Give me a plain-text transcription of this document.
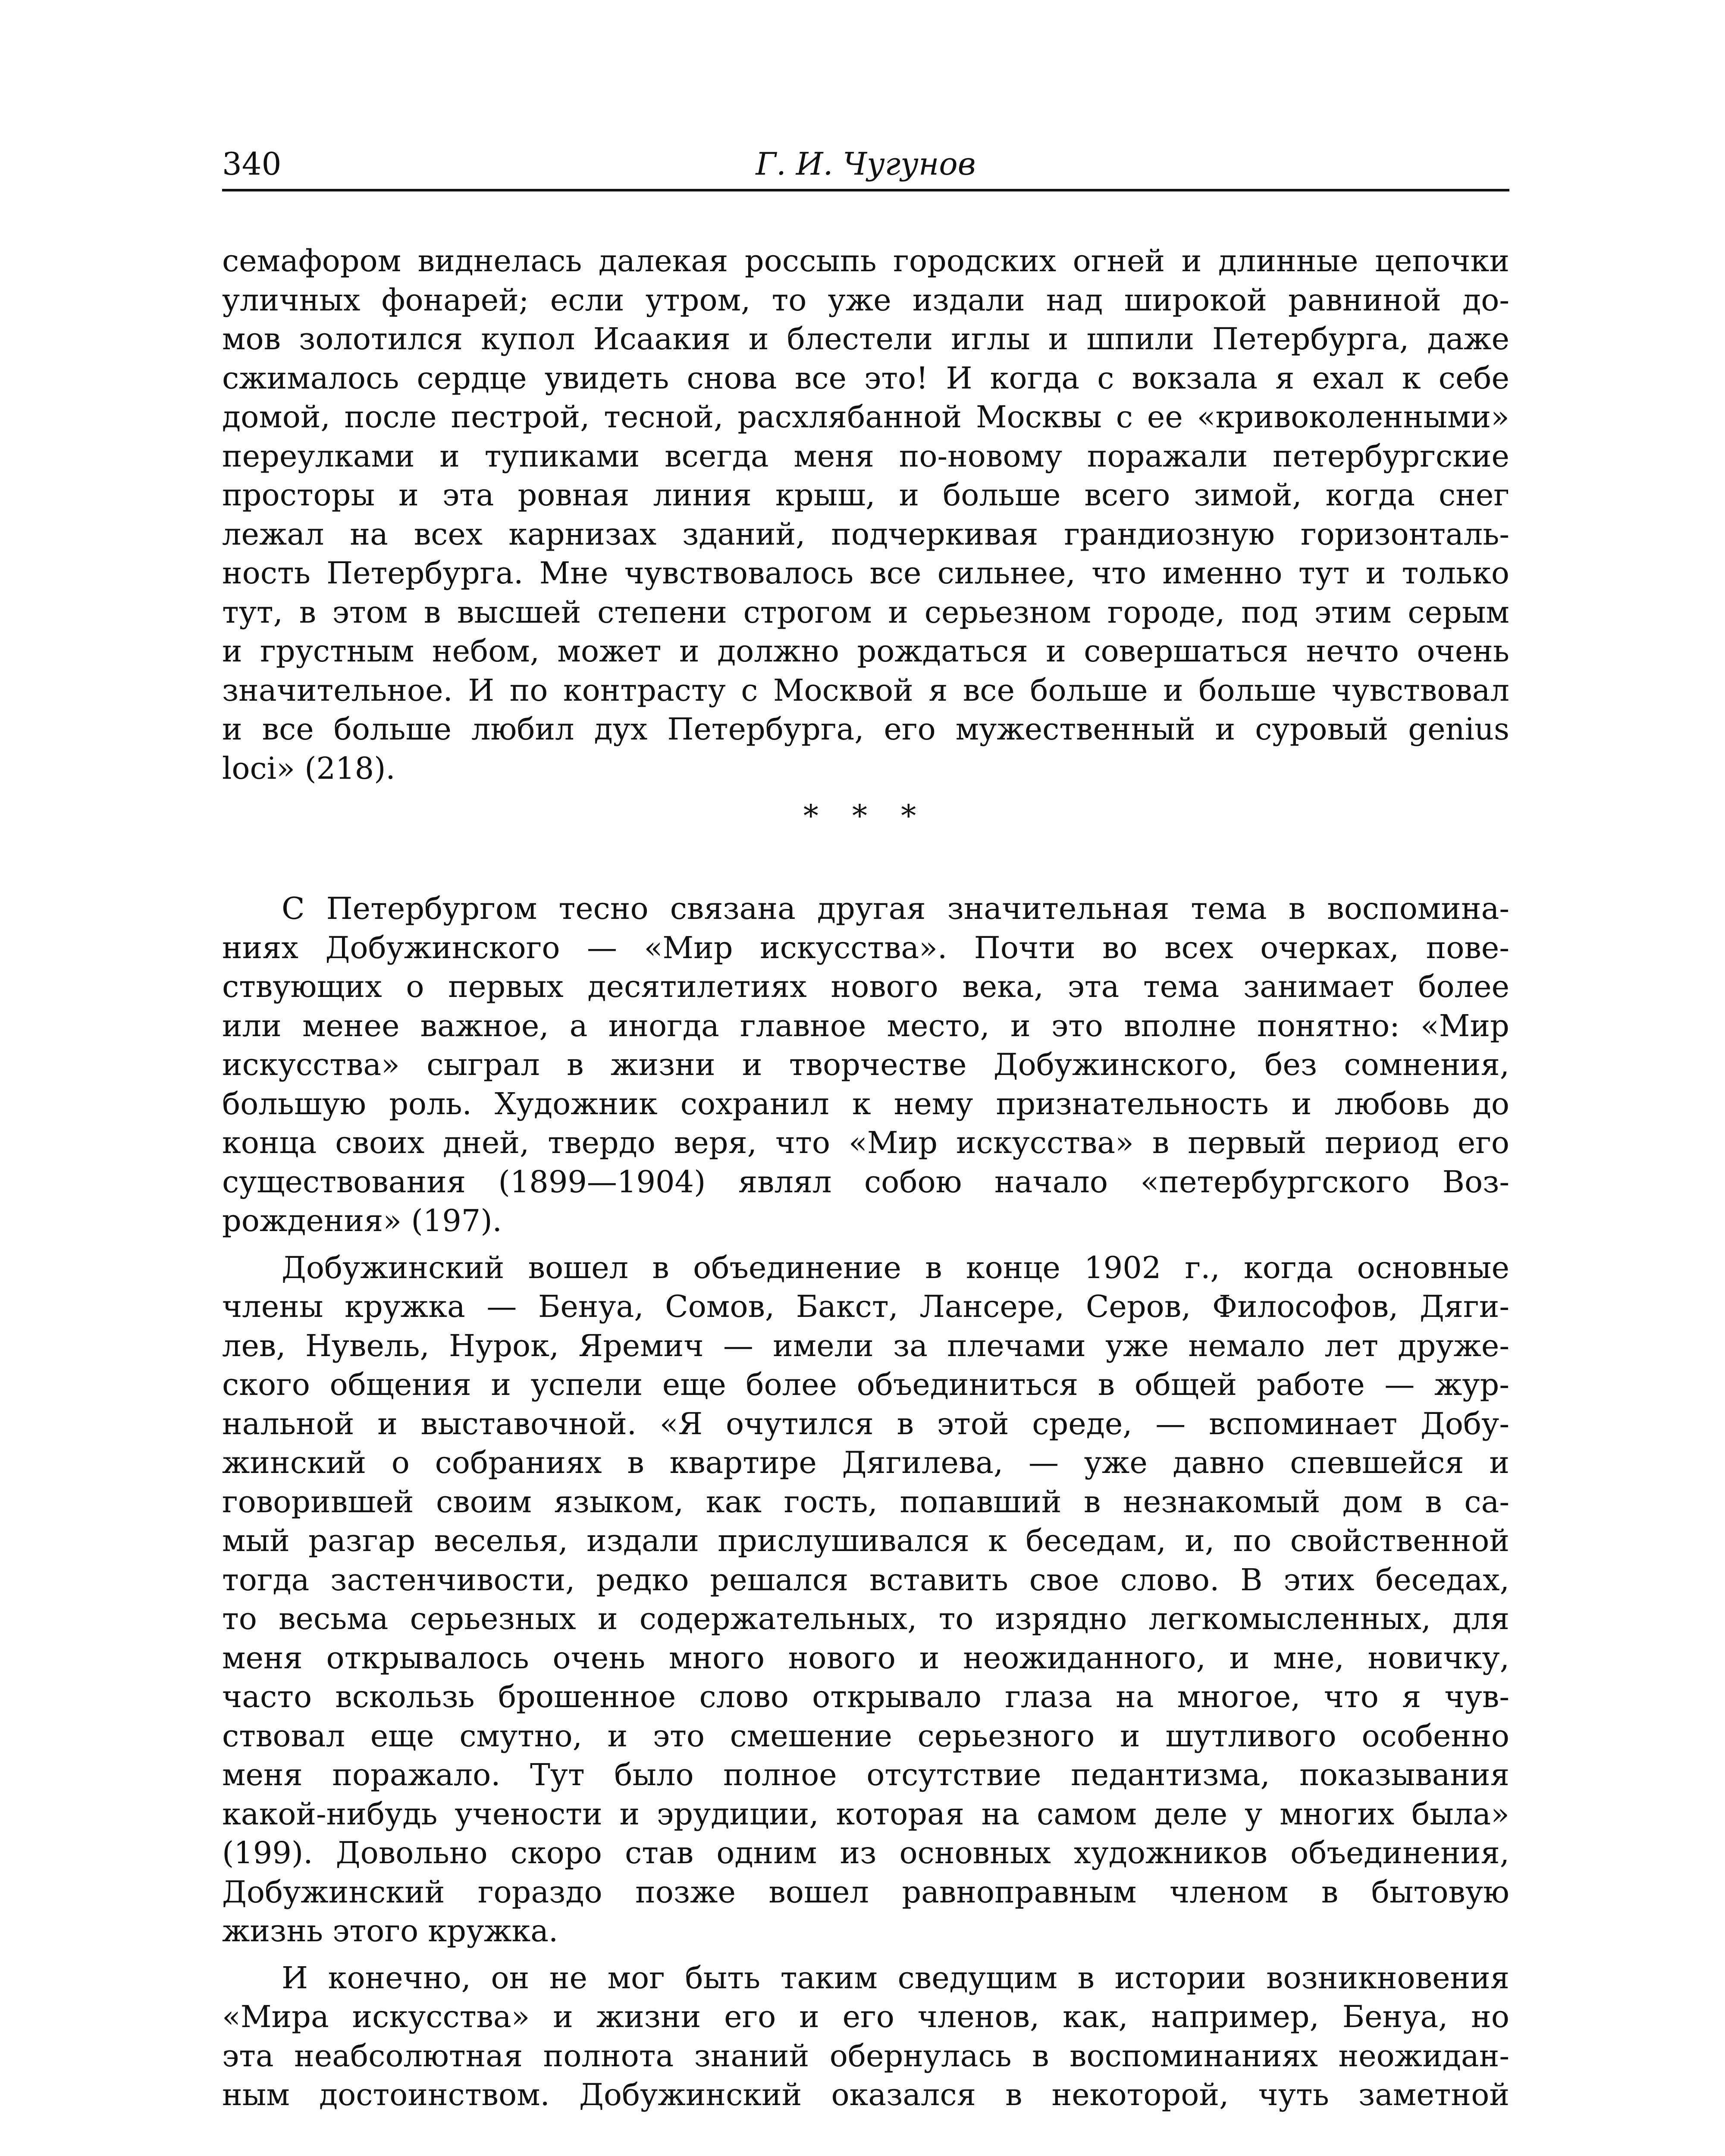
340	Г. И. Чугунов
семафором виднелась далекая россыпь городских огней и длинные цепочки
уличных фонарей; если утром, то уже издали над широкой равниной до-
мов золотился купол Исаакия и блестели иглы и шпили Петербурга, даже
сжималось сердце увидеть снова все это! И когда с вокзала я ехал к себе
домой, после пестрой, тесной, расхлябанной Москвы с ее «кривоколенными»
переулками и тупиками всегда меня по-новому поражали петербургские
просторы и эта ровная линия крыш, и больше всего зимой, когда снег
лежал на всех карнизах зданий, подчеркивая грандиозную горизонталь-
ность Петербурга. Мне чувствовалось все сильнее, что именно тут и только
тут, в этом в высшей степени строгом и серьезном городе, под этим серым
и грустным небом, может и должно рождаться и совершаться нечто очень
значительное. И по контрасту с Москвой я все больше и больше чувствовал
и все больше любил дух Петербурга, его мужественный и суровый genius
loci» (218).
* * *
С Петербургом тесно связана другая значительная тема в воспомина-
ниях Добужинского — «Мир искусства». Почти во всех очерках, пове-
ствующих о первых десятилетиях нового века, эта тема занимает более
или менее важное, а иногда главное место, и это вполне понятно: «Мир
искусства» сыграл в жизни и творчестве Добужинского, без сомнения,
большую роль. Художник сохранил к нему признательность и любовь до
конца своих дней, твердо веря, что «Мир искусства» в первый период его
существования (1899—1904) являл собою начало «петербургского Воз-
рождения» (197).
Добужинский вошел в объединение в конце 1902 г., когда основные
члены кружка — Бенуа, Сомов, Бакст, Лансере, Серов, Философов, Дяги-
лев, Нувель, Нурок, Яремич — имели за плечами уже немало лет друже-
ского общения и успели еще более объединиться в общей работе — жур-
нальной и выставочной. «Я очутился в этой среде, — вспоминает Добу-
жинский о собраниях в квартире Дягилева, — уже давно спевшейся и
говорившей своим языком, как гость, попавший в незнакомый дом в са-
мый разгар веселья, издали прислушивался к беседам, и, по свойственной
тогда застенчивости, редко решался вставить свое слово. В этих беседах,
то весьма серьезных и содержательных, то изрядно легкомысленных, для
меня открывалось очень много нового и неожиданного, и мне, новичку,
часто вскользь брошенное слово открывало глаза на многое, что я чув-
ствовал еще смутно, и это смешение серьезного и шутливого особенно
меня поражало. Тут было полное отсутствие педантизма, показывания
какой-нибудь учености и эрудиции, которая на самом деле у многих была»
(199). Довольно скоро став одним из основных художников объединения,
Добужинский гораздо позже вошел равноправным членом в бытовую
жизнь этого кружка.
И конечно, он не мог быть таким сведущим в истории возникновения
«Мира искусства» и жизни его и его членов, как, например, Бенуа, но
эта неабсолютная полнота знаний обернулась в воспоминаниях неожидан-
ным достоинством. Добужинский оказался в некоторой, чуть заметной
